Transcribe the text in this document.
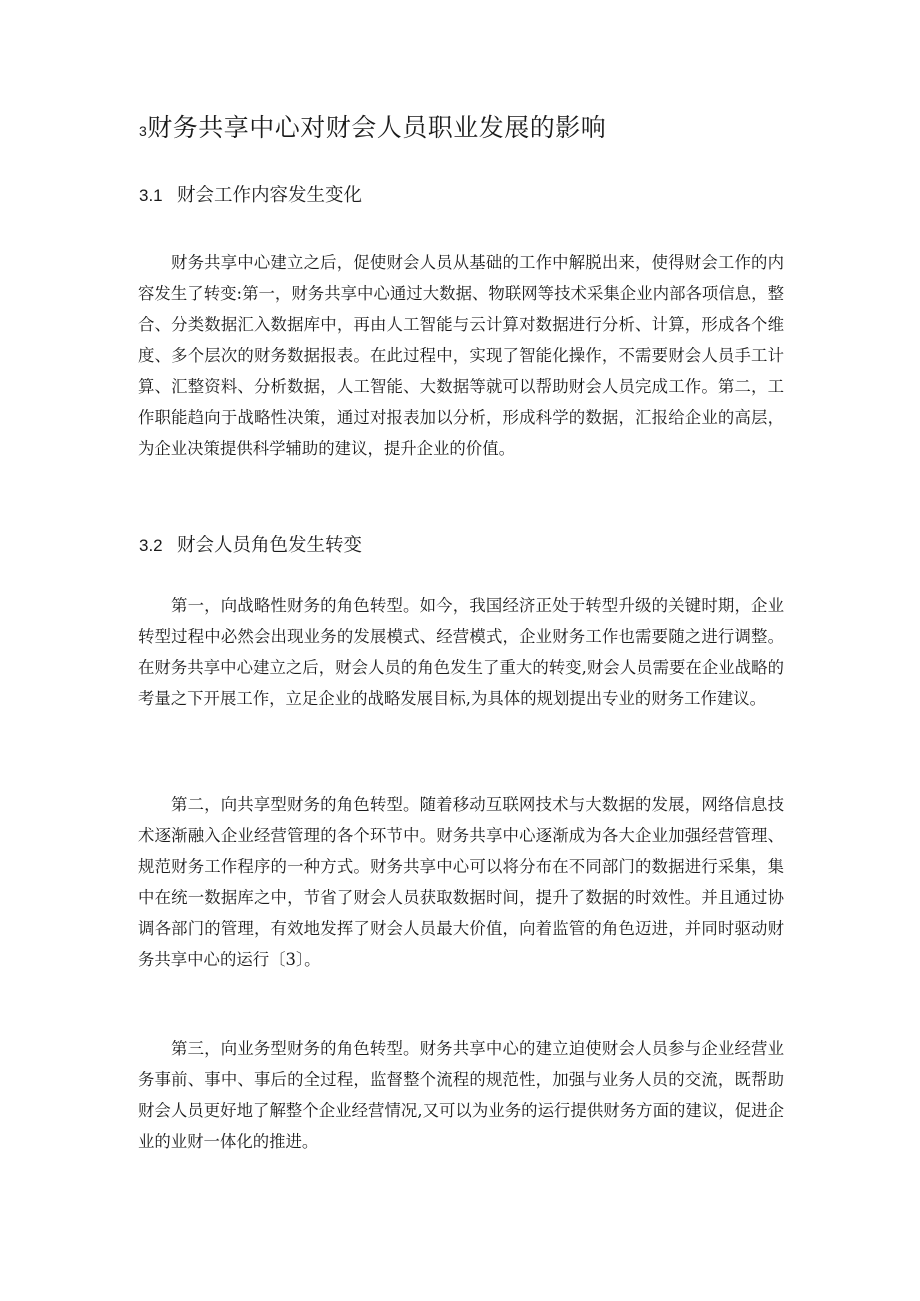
3财务共享中心对财会人员职业发展的影响
3.1 财会工作内容发生变化

财务共享中心建立之后，促使财会人员从基础的工作中解脱出来，使得财会工作的内容发生了转变:第一，财务共享中心通过大数据、物联网等技术采集企业内部各项信息，整合、分类数据汇入数据库中，再由人工智能与云计算对数据进行分析、计算，形成各个维度、多个层次的财务数据报表。在此过程中，实现了智能化操作，不需要财会人员手工计算、汇整资料、分析数据，人工智能、大数据等就可以帮助财会人员完成工作。第二，工作职能趋向于战略性决策，通过对报表加以分析，形成科学的数据，汇报给企业的高层，为企业决策提供科学辅助的建议，提升企业的价值。

3.2 财会人员角色发生转变

第一，向战略性财务的角色转型。如今，我国经济正处于转型升级的关键时期，企业转型过程中必然会出现业务的发展模式、经营模式，企业财务工作也需要随之进行调整。在财务共享中心建立之后，财会人员的角色发生了重大的转变,财会人员需要在企业战略的考量之下开展工作，立足企业的战略发展目标,为具体的规划提出专业的财务工作建议。

第二，向共享型财务的角色转型。随着移动互联网技术与大数据的发展，网络信息技术逐渐融入企业经营管理的各个环节中。财务共享中心逐渐成为各大企业加强经营管理、规范财务工作程序的一种方式。财务共享中心可以将分布在不同部门的数据进行采集，集中在统一数据库之中，节省了财会人员获取数据时间，提升了数据的时效性。并且通过协调各部门的管理，有效地发挥了财会人员最大价值，向着监管的角色迈进，并同时驱动财务共享中心的运行〔3〕。

第三，向业务型财务的角色转型。财务共享中心的建立迫使财会人员参与企业经营业务事前、事中、事后的全过程，监督整个流程的规范性，加强与业务人员的交流，既帮助财会人员更好地了解整个企业经营情况,又可以为业务的运行提供财务方面的建议，促进企业的业财一体化的推进。
